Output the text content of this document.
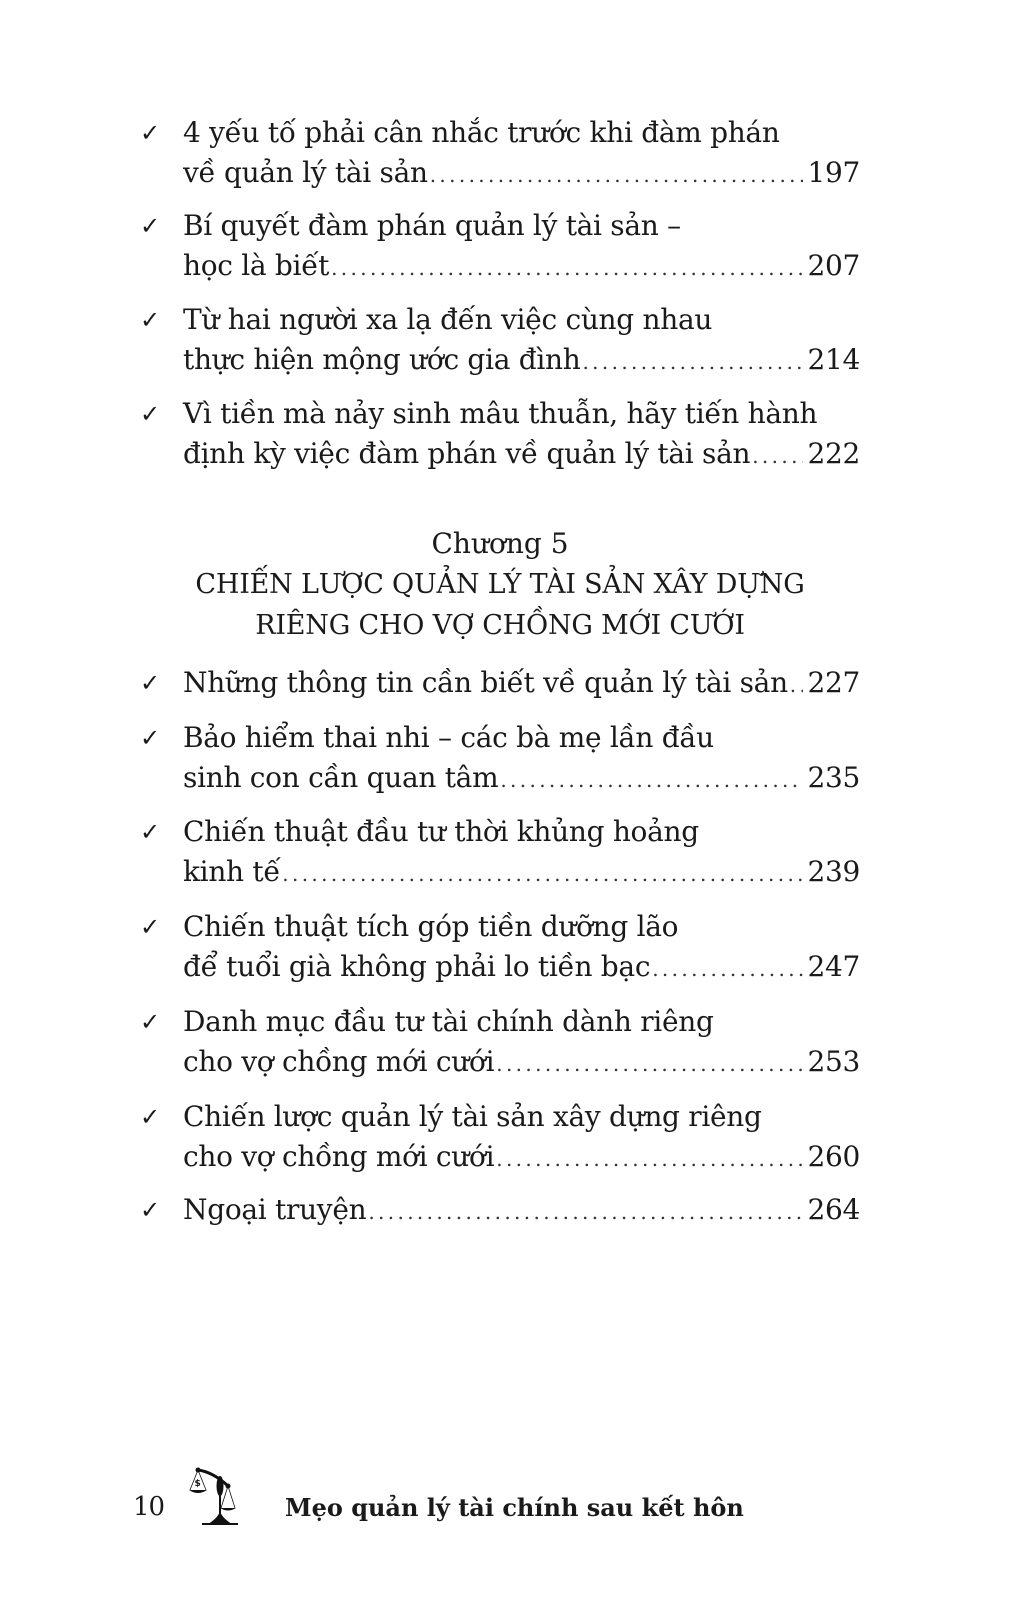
✓ 4 yếu tố phải cân nhắc trước khi đàm phán
về quản lý tài sản . . .	197
✓ Bí quyết đàm phán quản lý tài sản –
học là biết . . .	207
✓ Từ hai người xa lạ đến việc cùng nhau
thực hiện mộng ước gia đình . . .	214
✓ Vì tiền mà nảy sinh mâu thuẫn, hãy tiến hành
định kỳ việc đàm phán về quản lý tài sản . . . 222
Chương 5
CHIẾN LƯỢC QUẢN LÝ TÀI SẢN XÂY DỰNG
RIÊNG CHO VỢ CHỒNG MỚI CƯỚI
✓ Những thông tin cần biết về quản lý tài sản . . . 227
✓ Bảo hiểm thai nhi – các bà mẹ lần đầu
sinh con cần quan tâm . . .	235
✓ Chiến thuật đầu tư thời khủng hoảng
kinh tế . . .	239
✓ Chiến thuật tích góp tiền dưỡng lão
để tuổi già không phải lo tiền bạc . . .	247
✓ Danh mục đầu tư tài chính dành riêng
cho vợ chồng mới cưới . . .	253
✓ Chiến lược quản lý tài sản xây dựng riêng
cho vợ chồng mới cưới . . .	260
✓ Ngoại truyện . . .	264
10
$
Mẹo quản lý tài chính sau kết hôn
